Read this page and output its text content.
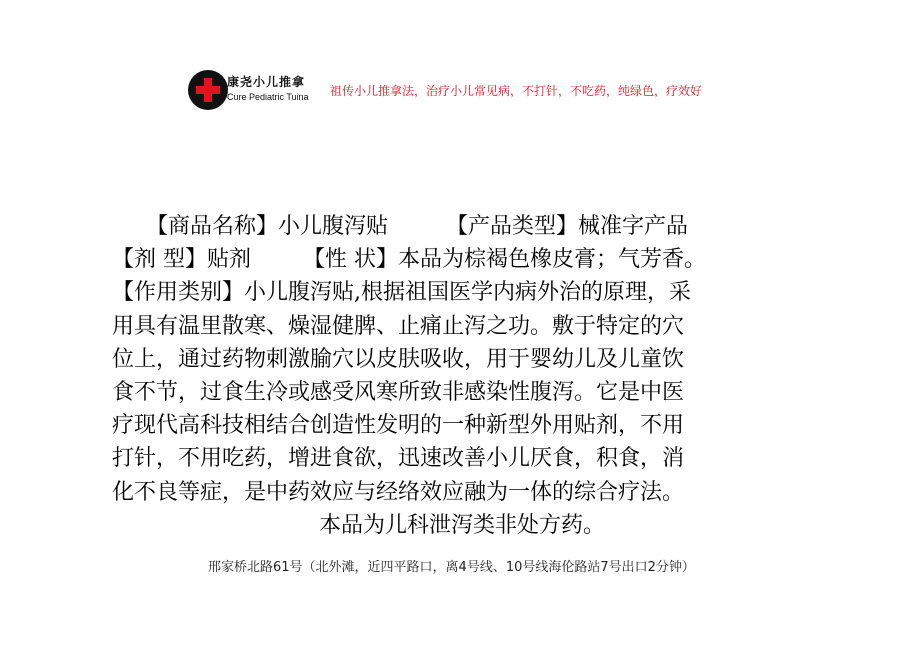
康尧小儿推拿
Cure Pediatric Tuina 祖传小儿推拿法，治疗小儿常见病，不打针，不吃药，纯绿色，疗效好
【商品名称】小儿腹泻贴	【产品类型】械准字产品
【剂 型】贴剂 【性 状】本品为棕褐色橡皮膏；气芳香。
【作用类别】小儿腹泻贴,根据祖国医学内病外治的原理，采
用具有温里散寒、燥湿健脾、止痛止泻之功。敷于特定的穴
位上，通过药物刺激腧穴以皮肤吸收，用于婴幼儿及儿童饮
食不节，过食生冷或感受风寒所致非感染性腹泻。它是中医
疗现代高科技相结合创造性发明的一种新型外用贴剂，不用
打针，不用吃药，增进食欲，迅速改善小儿厌食，积食，消
化不良等症，是中药效应与经络效应融为一体的综合疗法。
本品为儿科泄泻类非处方药。
邢家桥北路61号（北外滩，近四平路口，离4号线、10号线海伦路站7号出口2分钟）
